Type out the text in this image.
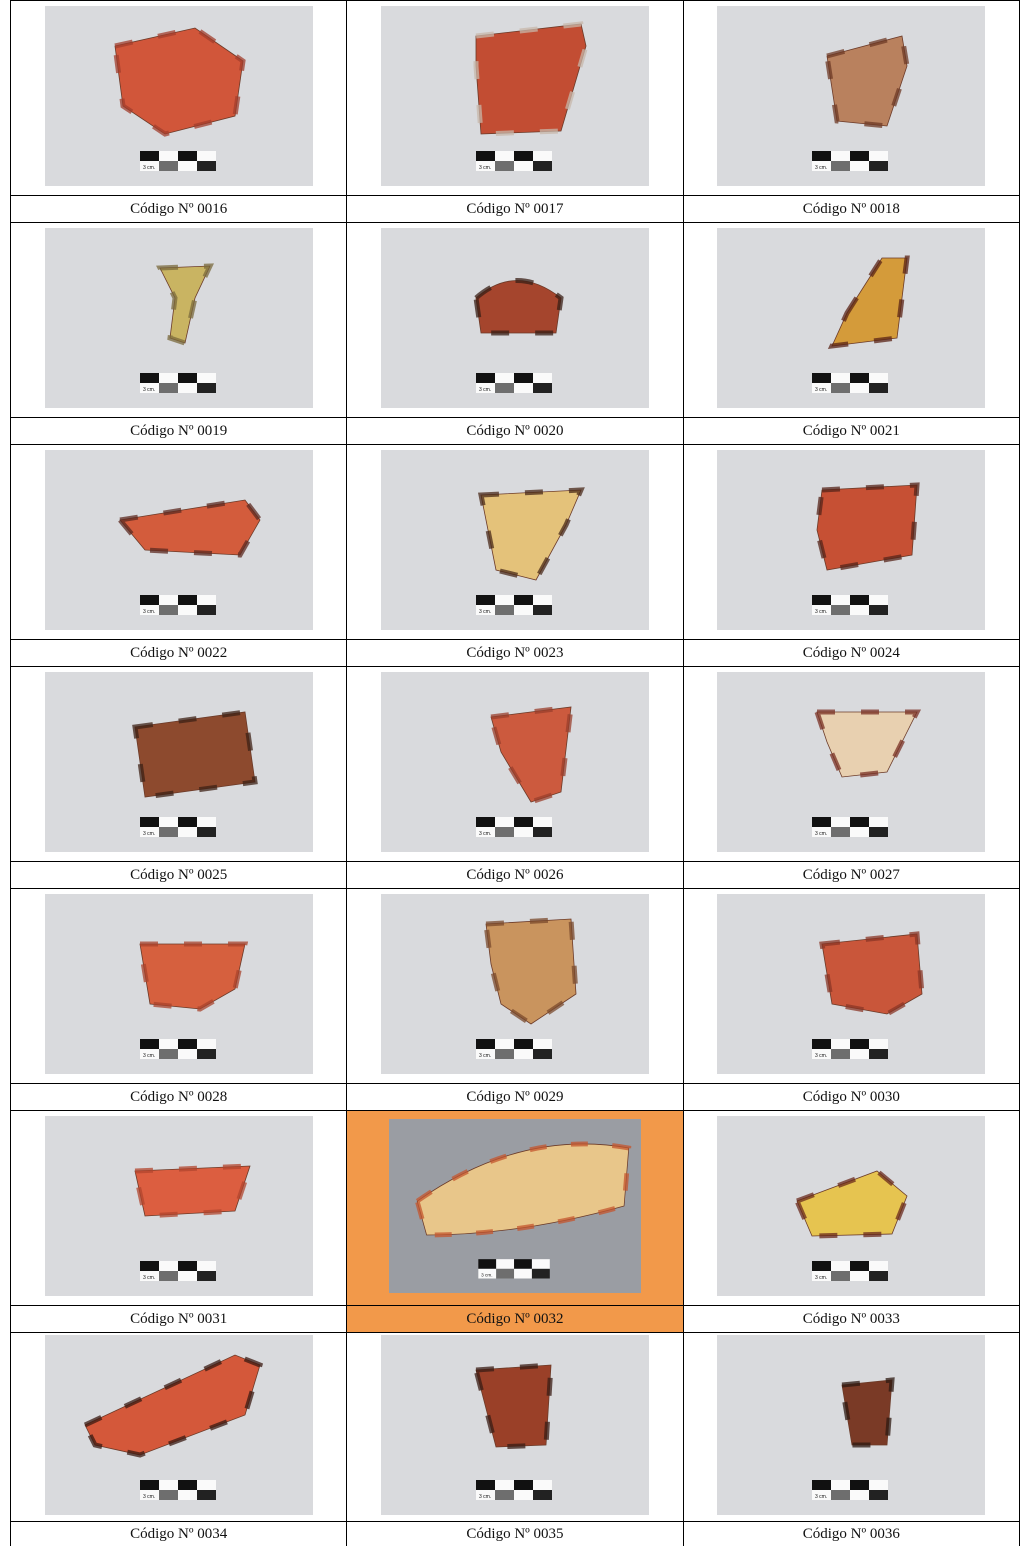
3 cm.	3 cm.	3 cm.

Código Nº 0016	Código Nº 0017	Código Nº 0018

3 cm.	3 cm.	3 cm.

Código Nº 0019	Código Nº 0020	Código Nº 0021

3 cm.	3 cm.	3 cm.

Código Nº 0022	Código Nº 0023	Código Nº 0024

3 cm.	3 cm.	3 cm.

Código Nº 0025	Código Nº 0026	Código Nº 0027

3 cm.	3 cm.	3 cm.

Código Nº 0028	Código Nº 0029	Código Nº 0030

3 cm.	3 cm.	3 cm.

Código Nº 0031	Código Nº 0032	Código Nº 0033

3 cm.	3 cm.	3 cm.

Código Nº 0034	Código Nº 0035	Código Nº 0036
